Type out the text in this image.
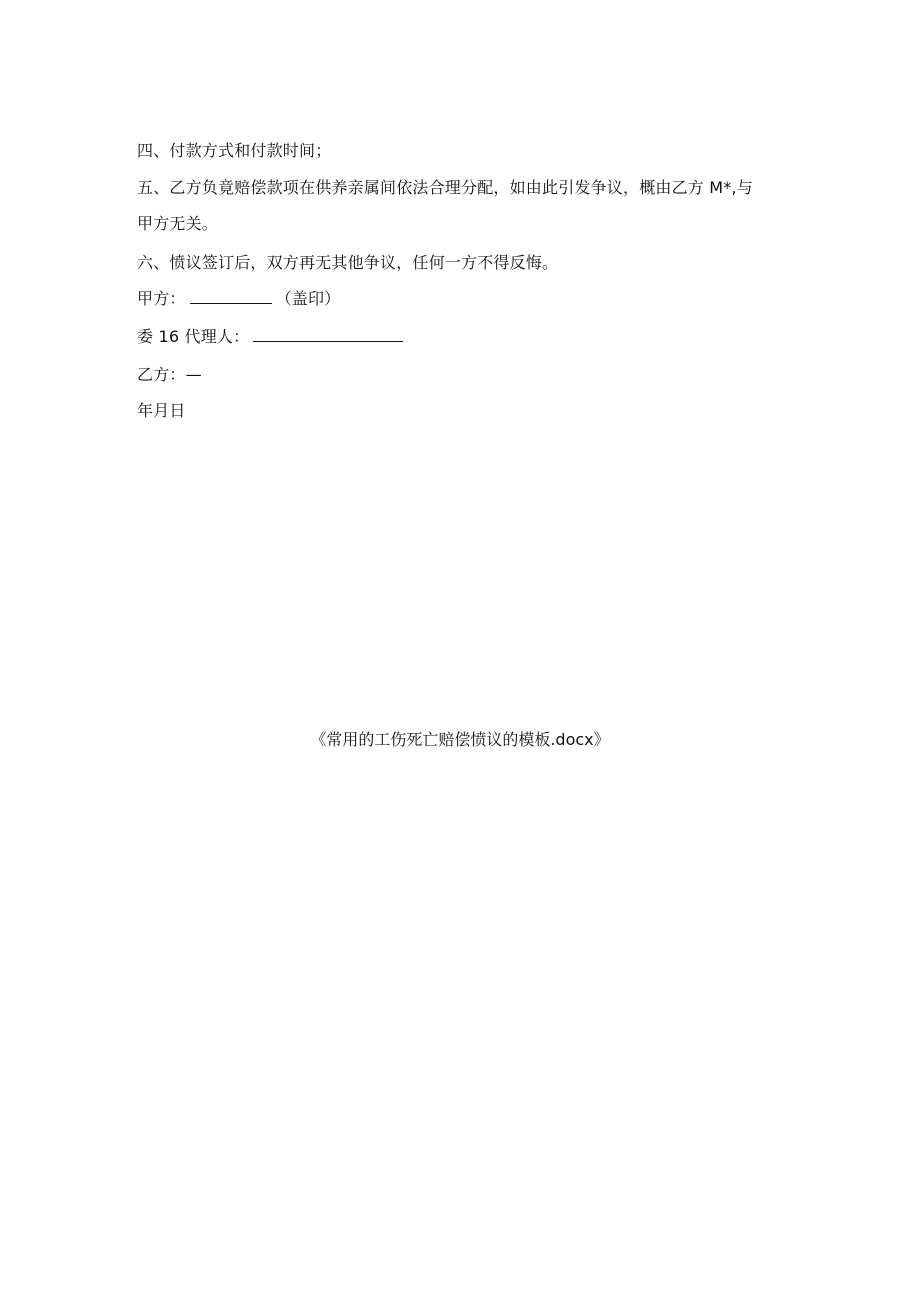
四、付款方式和付款时间；
五、乙方负竟赔偿款项在供养亲属间依法合理分配，如由此引发争议，概由乙方 M*,与
甲方无关。
六、愤议签订后，双方再无其他争议，任何一方不得反悔。
甲方：	（盖印）
委 16 代理人：
乙方：—
年月日
《常用的工伤死亡赔偿愤议的模板.docx》
